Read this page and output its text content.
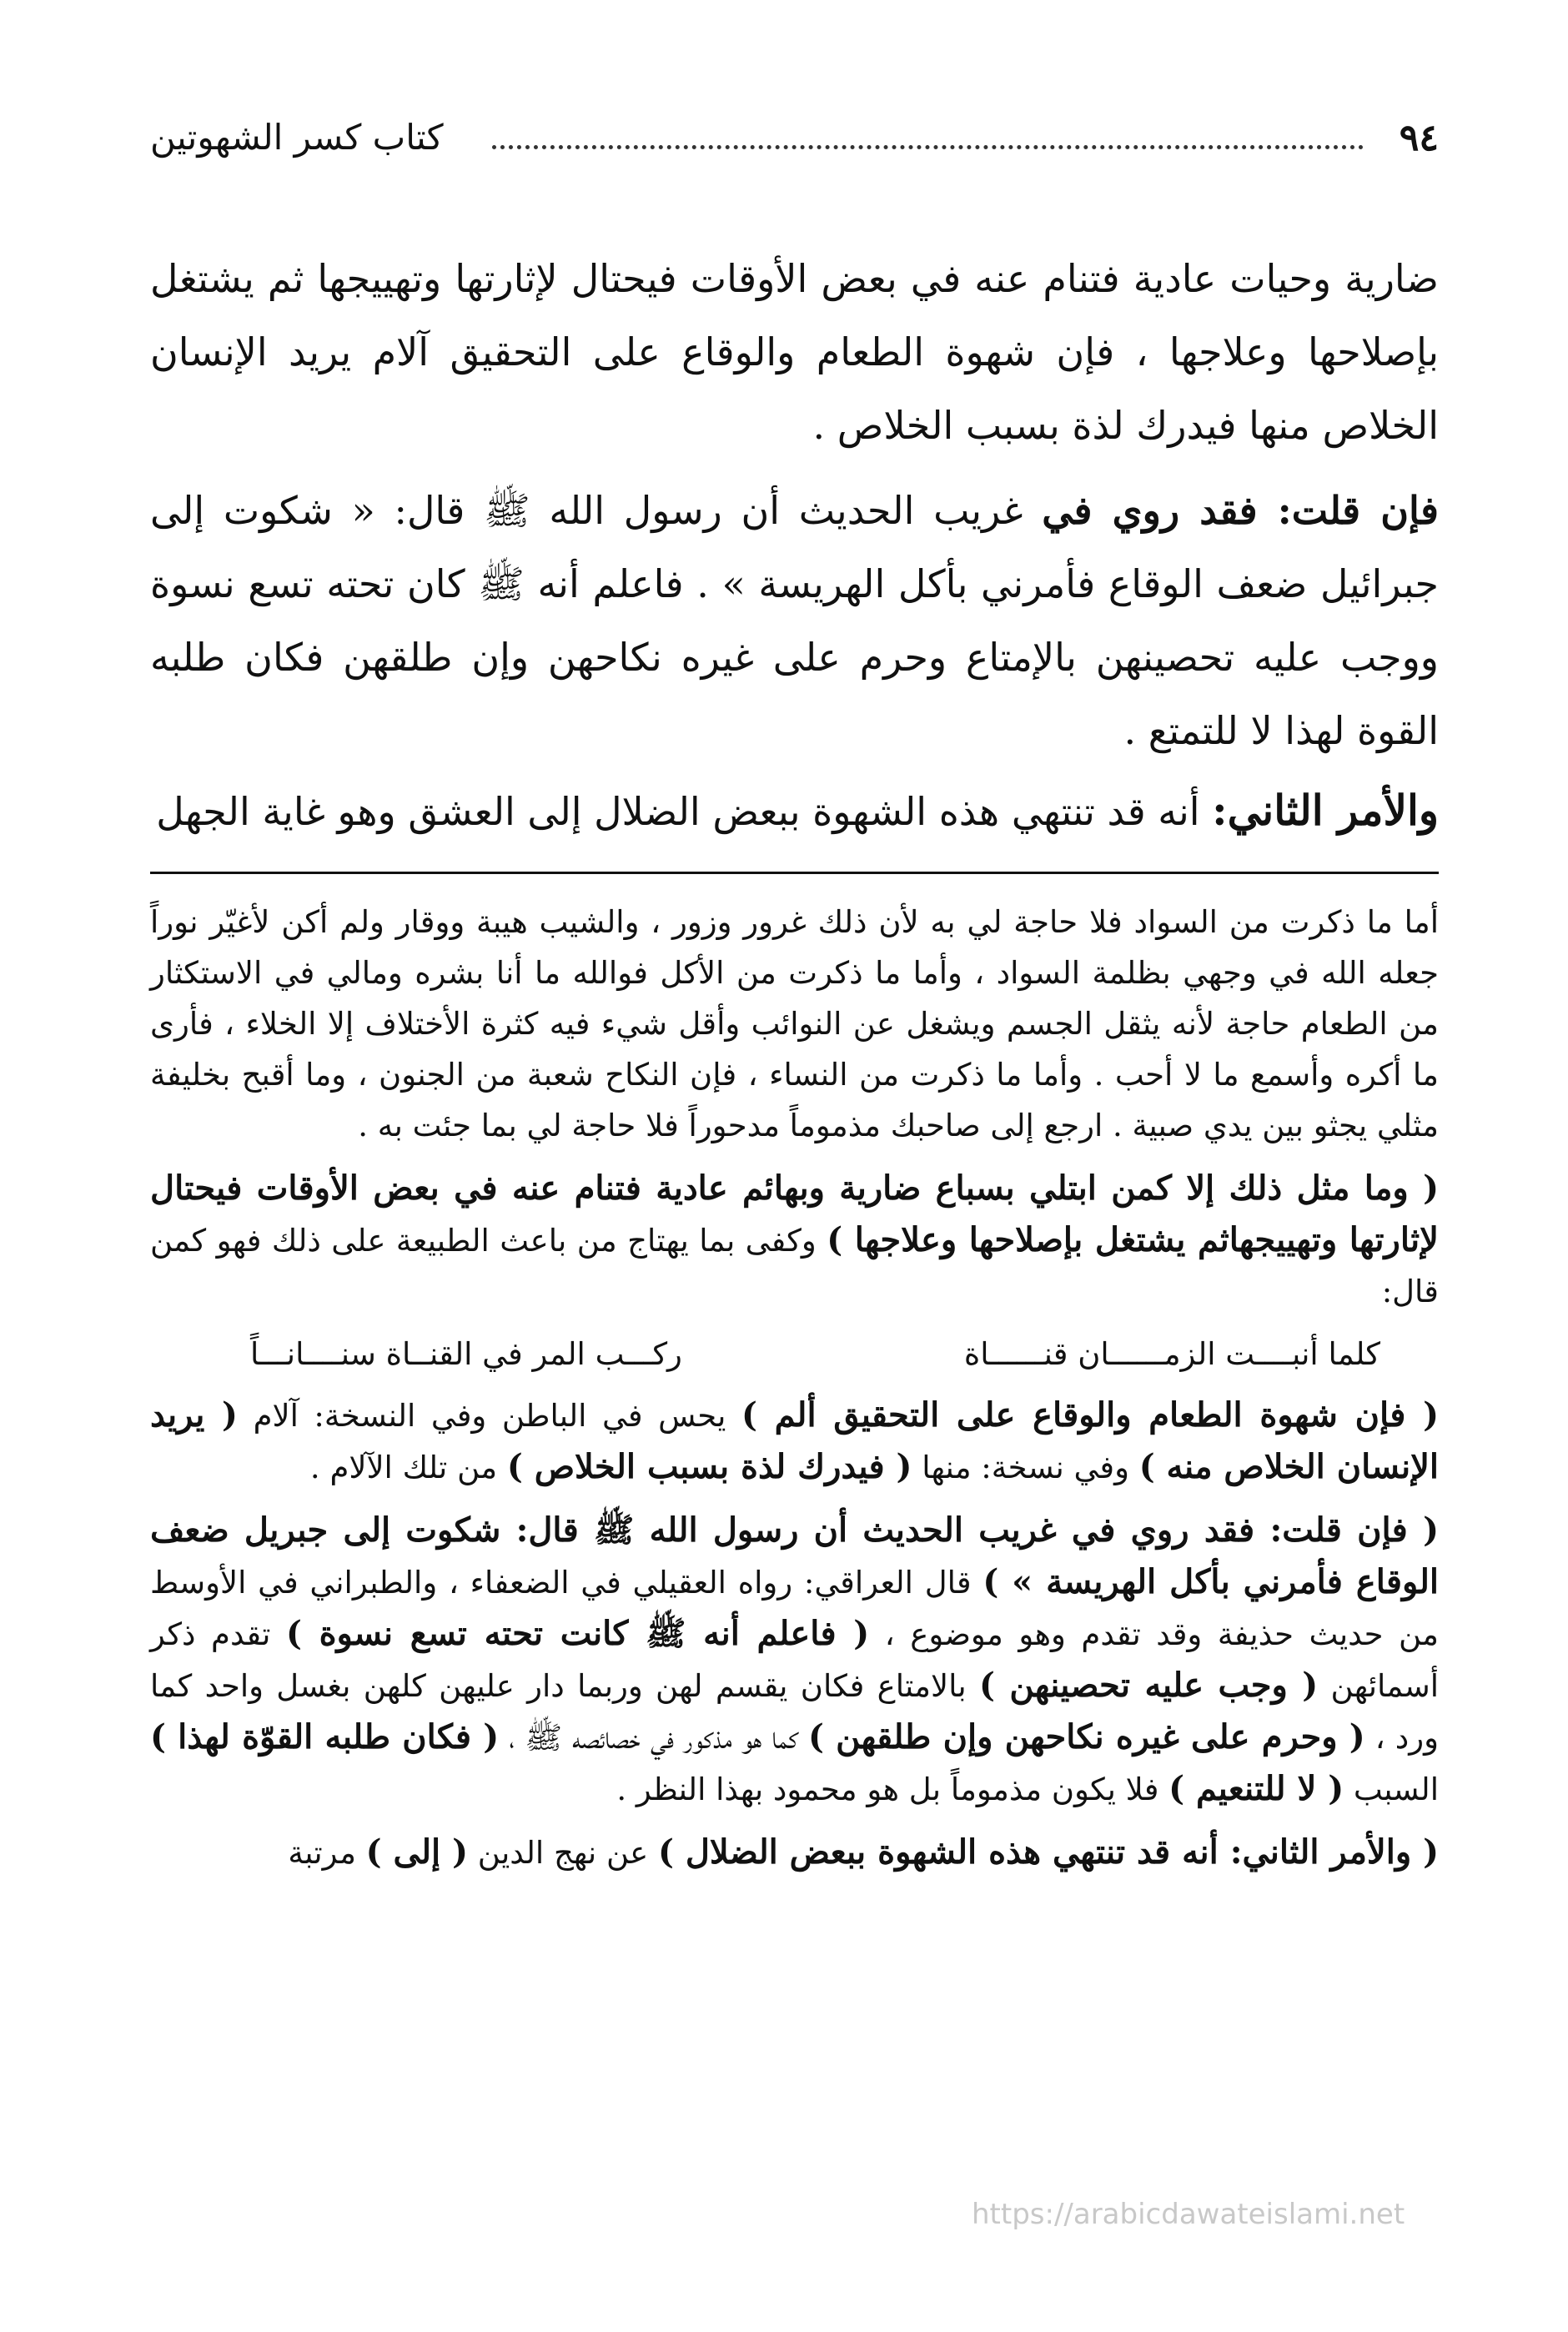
٩٤
كتاب كسر الشهوتين

ضارية وحيات عادية فتنام عنه في بعض الأوقات فيحتال لإثارتها وتهييجها ثم يشتغل بإصلاحها وعلاجها ، فإن شهوة الطعام والوقاع على التحقيق آلام يريد الإنسان الخلاص منها فيدرك لذة بسبب الخلاص .

فإن قلت: فقد روي في غريب الحديث أن رسول الله ﷺ قال: « شكوت إلى جبرائيل ضعف الوقاع فأمرني بأكل الهريسة » . فاعلم أنه ﷺ كان تحته تسع نسوة ووجب عليه تحصينهن بالإمتاع وحرم على غيره نكاحهن وإن طلقهن فكان طلبه القوة لهذا لا للتمتع .

والأمر الثاني: أنه قد تنتهي هذه الشهوة ببعض الضلال إلى العشق وهو غاية الجهل

أما ما ذكرت من السواد فلا حاجة لي به لأن ذلك غرور وزور ، والشيب هيبة ووقار ولم أكن لأغيّر نوراً جعله الله في وجهي بظلمة السواد ، وأما ما ذكرت من الأكل فوالله ما أنا بشره ومالي في الاستكثار من الطعام حاجة لأنه يثقل الجسم ويشغل عن النوائب وأقل شيء فيه كثرة الأختلاف إلا الخلاء ، فأرى ما أكره وأسمع ما لا أحب . وأما ما ذكرت من النساء ، فإن النكاح شعبة من الجنون ، وما أقبح بخليفة مثلي يجثو بين يدي صبية . ارجع إلى صاحبك مذموماً مدحوراً فلا حاجة لي بما جئت به .

( وما مثل ذلك إلا كمن ابتلي بسباع ضارية وبهائم عادية فتنام عنه في بعض الأوقات فيحتال لإثارتها وتهييجهاثم يشتغل بإصلاحها وعلاجها ) وكفى بما يهتاج من باعث الطبيعة على ذلك فهو كمن قال:

كلما أنبــــت الزمــــــان قنــــــاة
ركـــب المر في القنــاة سنــــانـــاً

( فإن شهوة الطعام والوقاع على التحقيق ألم ) يحس في الباطن وفي النسخة: آلام ( يريد الإنسان الخلاص منه ) وفي نسخة: منها ( فيدرك لذة بسبب الخلاص ) من تلك الآلام .

( فإن قلت: فقد روي في غريب الحديث أن رسول الله ﷺ قال: شكوت إلى جبريل ضعف الوقاع فأمرني بأكل الهريسة » ) قال العراقي: رواه العقيلي في الضعفاء ، والطبراني في الأوسط من حديث حذيفة وقد تقدم وهو موضوع ، ( فاعلم أنه ﷺ كانت تحته تسع نسوة ) تقدم ذكر أسمائهن ( وجب عليه تحصينهن ) بالامتاع فكان يقسم لهن وربما دار عليهن كلهن بغسل واحد كما ورد ، ( وحرم على غيره نكاحهن وإن طلقهن ) كما هو مذكور في خصائصه ﷺ ، ( فكان طلبه القوّة لهذا ) السبب ( لا للتنعيم ) فلا يكون مذموماً بل هو محمود بهذا النظر .

( والأمر الثاني: أنه قد تنتهي هذه الشهوة ببعض الضلال ) عن نهج الدين ( إلى ) مرتبة

https://arabicdawateislami.net
